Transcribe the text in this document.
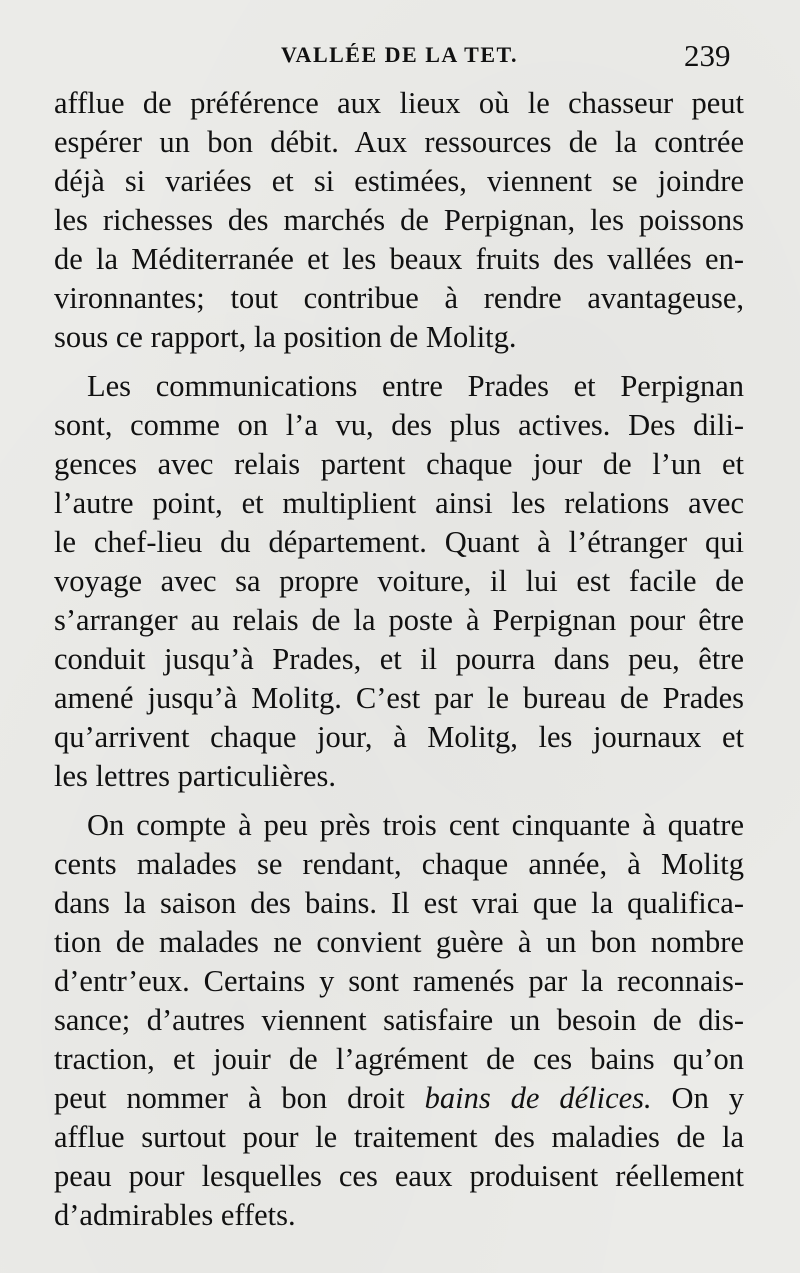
VALLÉE DE LA TET.	239
afflue de préférence aux lieux où le chasseur peut
espérer un bon débit. Aux ressources de la contrée
déjà si variées et si estimées, viennent se joindre
les richesses des marchés de Perpignan, les poissons
de la Méditerranée et les beaux fruits des vallées en-
vironnantes; tout contribue à rendre avantageuse,
sous ce rapport, la position de Molitg.
Les communications entre Prades et Perpignan
sont, comme on l’a vu, des plus actives. Des dili-
gences avec relais partent chaque jour de l’un et
l’autre point, et multiplient ainsi les relations avec
le chef-lieu du département. Quant à l’étranger qui
voyage avec sa propre voiture, il lui est facile de
s’arranger au relais de la poste à Perpignan pour être
conduit jusqu’à Prades, et il pourra dans peu, être
amené jusqu’à Molitg. C’est par le bureau de Prades
qu’arrivent chaque jour, à Molitg, les journaux et
les lettres particulières.
On compte à peu près trois cent cinquante à quatre
cents malades se rendant, chaque année, à Molitg
dans la saison des bains. Il est vrai que la qualifica-
tion de malades ne convient guère à un bon nombre
d’entr’eux. Certains y sont ramenés par la reconnais-
sance; d’autres viennent satisfaire un besoin de dis-
traction, et jouir de l’agrément de ces bains qu’on
peut nommer à bon droit bains de délices. On y
afflue surtout pour le traitement des maladies de la
peau pour lesquelles ces eaux produisent réellement
d’admirables effets.
